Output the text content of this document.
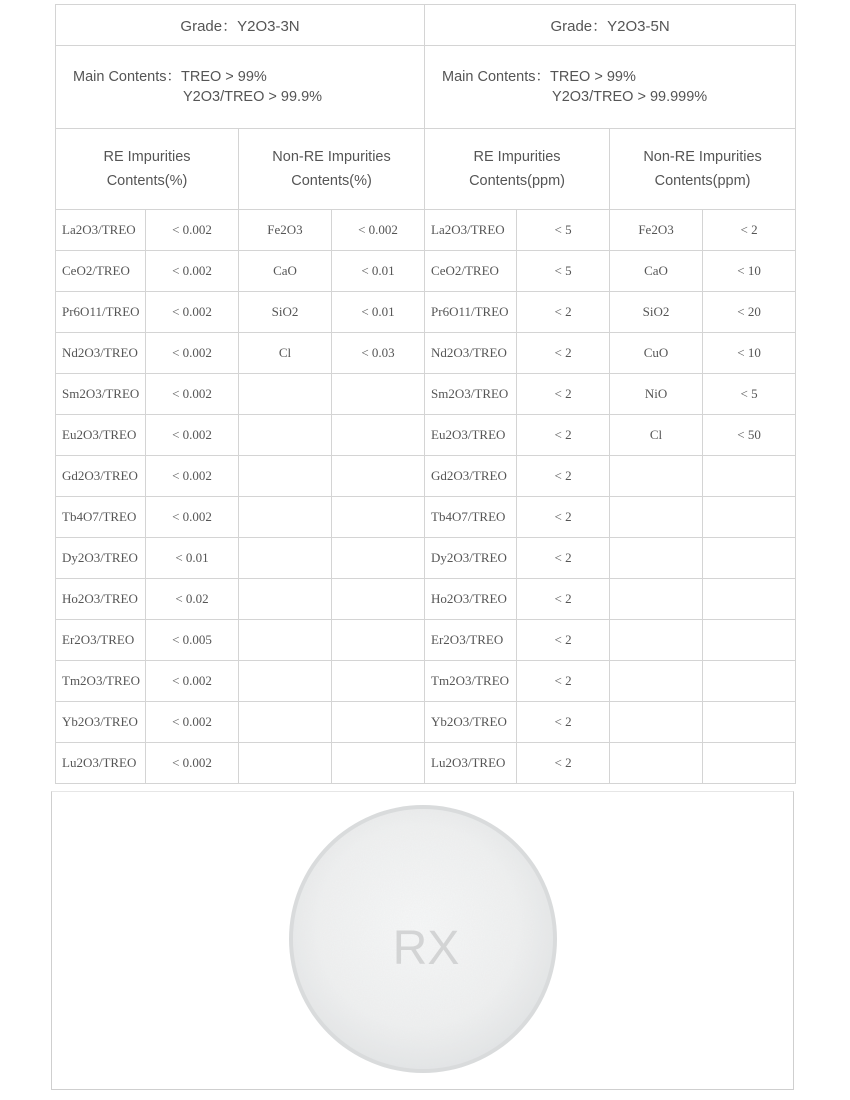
Grade：Y2O3-3N				Grade：Y2O3-5N			

Main Contents：TREO > 99%
Y2O3/TREO > 99.9%				Main Contents：TREO > 99%
Y2O3/TREO > 99.999%			

RE Impurities
Contents(%)		Non-RE Impurities
Contents(%)		RE Impurities
Contents(ppm)		Non-RE Impurities
Contents(ppm)	
La2O3/TREO	< 0.002	Fe2O3	< 0.002	La2O3/TREO	< 5	Fe2O3	< 2
CeO2/TREO	< 0.002	CaO	< 0.01	CeO2/TREO	< 5	CaO	< 10
Pr6O11/TREO	< 0.002	SiO2	< 0.01	Pr6O11/TREO	< 2	SiO2	< 20
Nd2O3/TREO	< 0.002	Cl	< 0.03	Nd2O3/TREO	< 2	CuO	< 10
Sm2O3/TREO	< 0.002			Sm2O3/TREO	< 2	NiO	< 5
Eu2O3/TREO	< 0.002			Eu2O3/TREO	< 2	Cl	< 50
Gd2O3/TREO	< 0.002			Gd2O3/TREO	< 2		
Tb4O7/TREO	< 0.002			Tb4O7/TREO	< 2		
Dy2O3/TREO	< 0.01			Dy2O3/TREO	< 2		
Ho2O3/TREO	< 0.02			Ho2O3/TREO	< 2		
Er2O3/TREO	< 0.005			Er2O3/TREO	< 2		
Tm2O3/TREO	< 0.002			Tm2O3/TREO	< 2		
Yb2O3/TREO	< 0.002			Yb2O3/TREO	< 2		
Lu2O3/TREO	< 0.002			Lu2O3/TREO	< 2		
RX
